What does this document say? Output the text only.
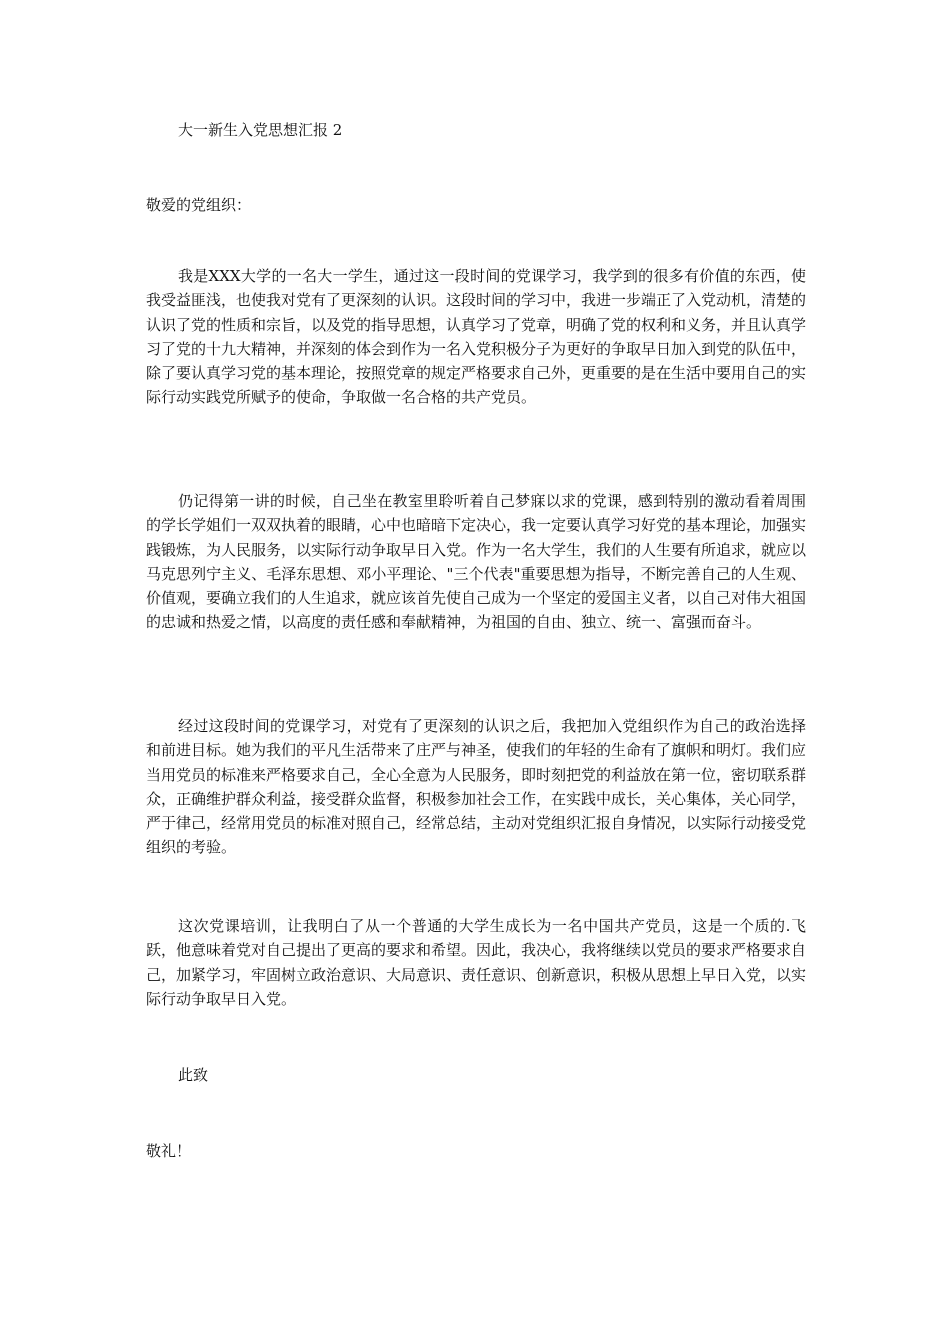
大一新生入党思想汇报 2
敬爱的党组织：

我是XXX大学的一名大一学生，通过这一段时间的党课学习，我学到的很多有价值的东西，使我受益匪浅，也使我对党有了更深刻的认识。这段时间的学习中，我进一步端正了入党动机，清楚的认识了党的性质和宗旨，以及党的指导思想，认真学习了党章，明确了党的权利和义务，并且认真学习了党的十九大精神，并深刻的体会到作为一名入党积极分子为更好的争取早日加入到党的队伍中，除了要认真学习党的基本理论，按照党章的规定严格要求自己外，更重要的是在生活中要用自己的实际行动实践党所赋予的使命，争取做一名合格的共产党员。

仍记得第一讲的时候，自己坐在教室里聆听着自己梦寐以求的党课，感到特别的激动看着周围的学长学姐们一双双执着的眼睛，心中也暗暗下定决心，我一定要认真学习好党的基本理论，加强实践锻炼，为人民服务，以实际行动争取早日入党。作为一名大学生，我们的人生要有所追求，就应以马克思列宁主义、毛泽东思想、邓小平理论、"三个代表"重要思想为指导，不断完善自己的人生观、价值观，要确立我们的人生追求，就应该首先使自己成为一个坚定的爱国主义者，以自己对伟大祖国的忠诚和热爱之情，以高度的责任感和奉献精神，为祖国的自由、独立、统一、富强而奋斗。

经过这段时间的党课学习，对党有了更深刻的认识之后，我把加入党组织作为自己的政治选择和前进目标。她为我们的平凡生活带来了庄严与神圣，使我们的年轻的生命有了旗帜和明灯。我们应当用党员的标准来严格要求自己，全心全意为人民服务，即时刻把党的利益放在第一位，密切联系群众，正确维护群众利益，接受群众监督，积极参加社会工作，在实践中成长，关心集体，关心同学，严于律己，经常用党员的标准对照自己，经常总结，主动对党组织汇报自身情况，以实际行动接受党组织的考验。

这次党课培训，让我明白了从一个普通的大学生成长为一名中国共产党员，这是一个质的.飞跃，他意味着党对自己提出了更高的要求和希望。因此，我决心，我将继续以党员的要求严格要求自己，加紧学习，牢固树立政治意识、大局意识、责任意识、创新意识，积极从思想上早日入党，以实际行动争取早日入党。

此致
敬礼！
